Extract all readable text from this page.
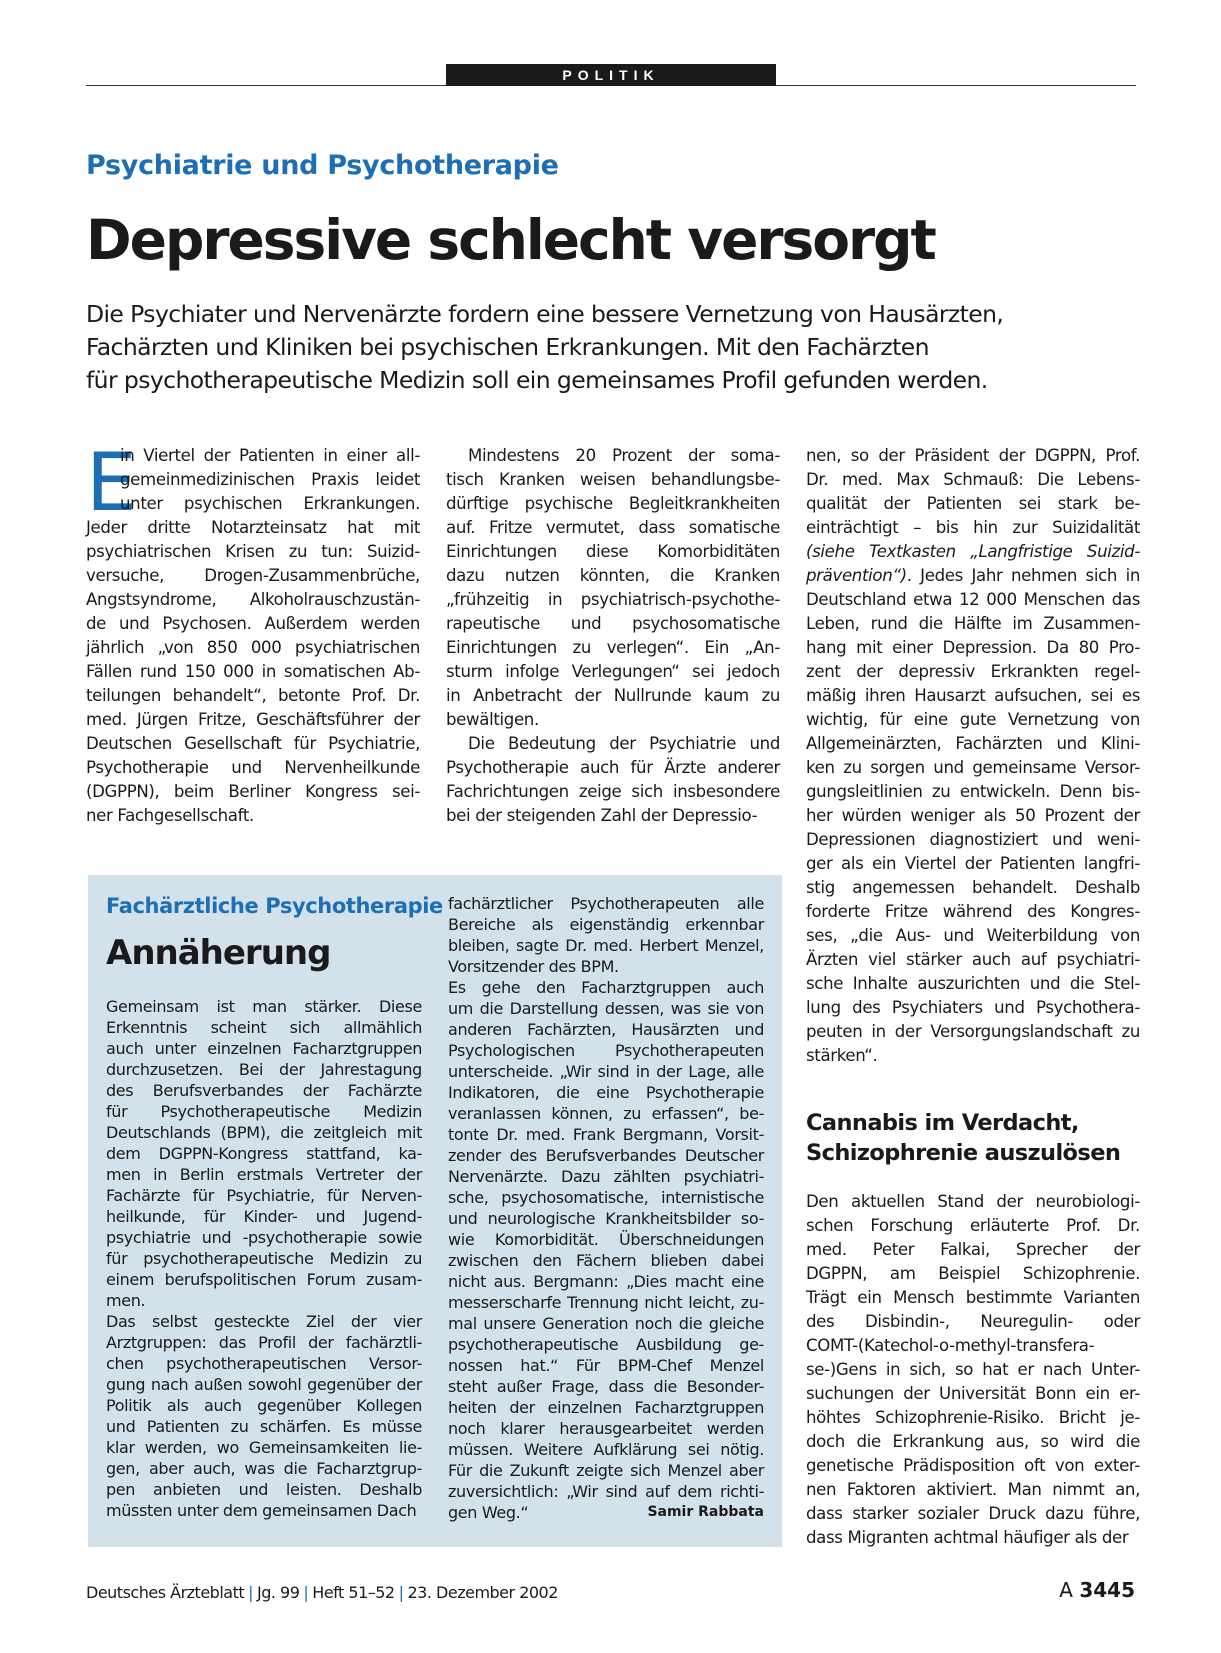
POLITIK
Psychiatrie und Psychotherapie
Depressive schlecht versorgt
Die Psychiater und Nervenärzte fordern eine bessere Vernetzung von Hausärzten,
Fachärzten und Kliniken bei psychischen Erkrankungen. Mit den Fachärzten
für psychotherapeutische Medizin soll ein gemeinsames Profil gefunden werden.
E
in Viertel der Patienten in einer all-
gemeinmedizinischen Praxis leidet
unter psychischen Erkrankungen.
Jeder dritte Notarzteinsatz hat mit
psychiatrischen Krisen zu tun: Suizid-
versuche, Drogen-Zusammenbrüche,
Angstsyndrome, Alkoholrauschzustän-
de und Psychosen. Außerdem werden
jährlich „von 850 000 psychiatrischen
Fällen rund 150 000 in somatischen Ab-
teilungen behandelt“, betonte Prof. Dr.
med. Jürgen Fritze, Geschäftsführer der
Deutschen Gesellschaft für Psychiatrie,
Psychotherapie und Nervenheilkunde
(DGPPN), beim Berliner Kongress sei-
ner Fachgesellschaft.
Mindestens 20 Prozent der soma-
tisch Kranken weisen behandlungsbe-
dürftige psychische Begleitkrankheiten
auf. Fritze vermutet, dass somatische
Einrichtungen diese Komorbiditäten
dazu nutzen könnten, die Kranken
„frühzeitig in psychiatrisch-psychothe-
rapeutische und psychosomatische
Einrichtungen zu verlegen“. Ein „An-
sturm infolge Verlegungen“ sei jedoch
in Anbetracht der Nullrunde kaum zu
bewältigen.
Die Bedeutung der Psychiatrie und
Psychotherapie auch für Ärzte anderer
Fachrichtungen zeige sich insbesondere
bei der steigenden Zahl der Depressio-
nen, so der Präsident der DGPPN, Prof.
Dr. med. Max Schmauß: Die Lebens-
qualität der Patienten sei stark be-
einträchtigt – bis hin zur Suizidalität
(siehe Textkasten „Langfristige Suizid-
prävention“). Jedes Jahr nehmen sich in
Deutschland etwa 12 000 Menschen das
Leben, rund die Hälfte im Zusammen-
hang mit einer Depression. Da 80 Pro-
zent der depressiv Erkrankten regel-
mäßig ihren Hausarzt aufsuchen, sei es
wichtig, für eine gute Vernetzung von
Allgemeinärzten, Fachärzten und Klini-
ken zu sorgen und gemeinsame Versor-
gungsleitlinien zu entwickeln. Denn bis-
her würden weniger als 50 Prozent der
Depressionen diagnostiziert und weni-
ger als ein Viertel der Patienten langfri-
stig angemessen behandelt. Deshalb
forderte Fritze während des Kongres-
ses, „die Aus- und Weiterbildung von
Ärzten viel stärker auch auf psychiatri-
sche Inhalte auszurichten und die Stel-
lung des Psychiaters und Psychothera-
peuten in der Versorgungslandschaft zu
stärken“.
Fachärztliche Psychotherapie
Annäherung
Gemeinsam ist man stärker. Diese
Erkenntnis scheint sich allmählich
auch unter einzelnen Facharztgruppen
durchzusetzen. Bei der Jahrestagung
des Berufsverbandes der Fachärzte
für Psychotherapeutische Medizin
Deutschlands (BPM), die zeitgleich mit
dem DGPPN-Kongress stattfand, ka-
men in Berlin erstmals Vertreter der
Fachärzte für Psychiatrie, für Nerven-
heilkunde, für Kinder- und Jugend-
psychiatrie und -psychotherapie sowie
für psychotherapeutische Medizin zu
einem berufspolitischen Forum zusam-
men.
Das selbst gesteckte Ziel der vier
Arztgruppen: das Profil der fachärztli-
chen psychotherapeutischen Versor-
gung nach außen sowohl gegenüber der
Politik als auch gegenüber Kollegen
und Patienten zu schärfen. Es müsse
klar werden, wo Gemeinsamkeiten lie-
gen, aber auch, was die Facharztgrup-
pen anbieten und leisten. Deshalb
müssten unter dem gemeinsamen Dach
fachärztlicher Psychotherapeuten alle
Bereiche als eigenständig erkennbar
bleiben, sagte Dr. med. Herbert Menzel,
Vorsitzender des BPM.
Es gehe den Facharztgruppen auch
um die Darstellung dessen, was sie von
anderen Fachärzten, Hausärzten und
Psychologischen Psychotherapeuten
unterscheide. „Wir sind in der Lage, alle
Indikatoren, die eine Psychotherapie
veranlassen können, zu erfassen“, be-
tonte Dr. med. Frank Bergmann, Vorsit-
zender des Berufsverbandes Deutscher
Nervenärzte. Dazu zählten psychiatri-
sche, psychosomatische, internistische
und neurologische Krankheitsbilder so-
wie Komorbidität. Überschneidungen
zwischen den Fächern blieben dabei
nicht aus. Bergmann: „Dies macht eine
messerscharfe Trennung nicht leicht, zu-
mal unsere Generation noch die gleiche
psychotherapeutische Ausbildung ge-
nossen hat.“ Für BPM-Chef Menzel
steht außer Frage, dass die Besonder-
heiten der einzelnen Facharztgruppen
noch klarer herausgearbeitet werden
müssen. Weitere Aufklärung sei nötig.
Für die Zukunft zeigte sich Menzel aber
zuversichtlich: „Wir sind auf dem richti-
gen Weg.“	Samir Rabbata
Cannabis im Verdacht,
Schizophrenie auszulösen
Den aktuellen Stand der neurobiologi-
schen Forschung erläuterte Prof. Dr.
med. Peter Falkai, Sprecher der
DGPPN, am Beispiel Schizophrenie.
Trägt ein Mensch bestimmte Varianten
des Disbindin-, Neuregulin- oder
COMT-(Katechol-o-methyl-transfera-
se-)Gens in sich, so hat er nach Unter-
suchungen der Universität Bonn ein er-
höhtes Schizophrenie-Risiko. Bricht je-
doch die Erkrankung aus, so wird die
genetische Prädisposition oft von exter-
nen Faktoren aktiviert. Man nimmt an,
dass starker sozialer Druck dazu führe,
dass Migranten achtmal häufiger als der
Deutsches Ärzteblatt | Jg. 99 | Heft 51–52 | 23. Dezember 2002	A 3445
